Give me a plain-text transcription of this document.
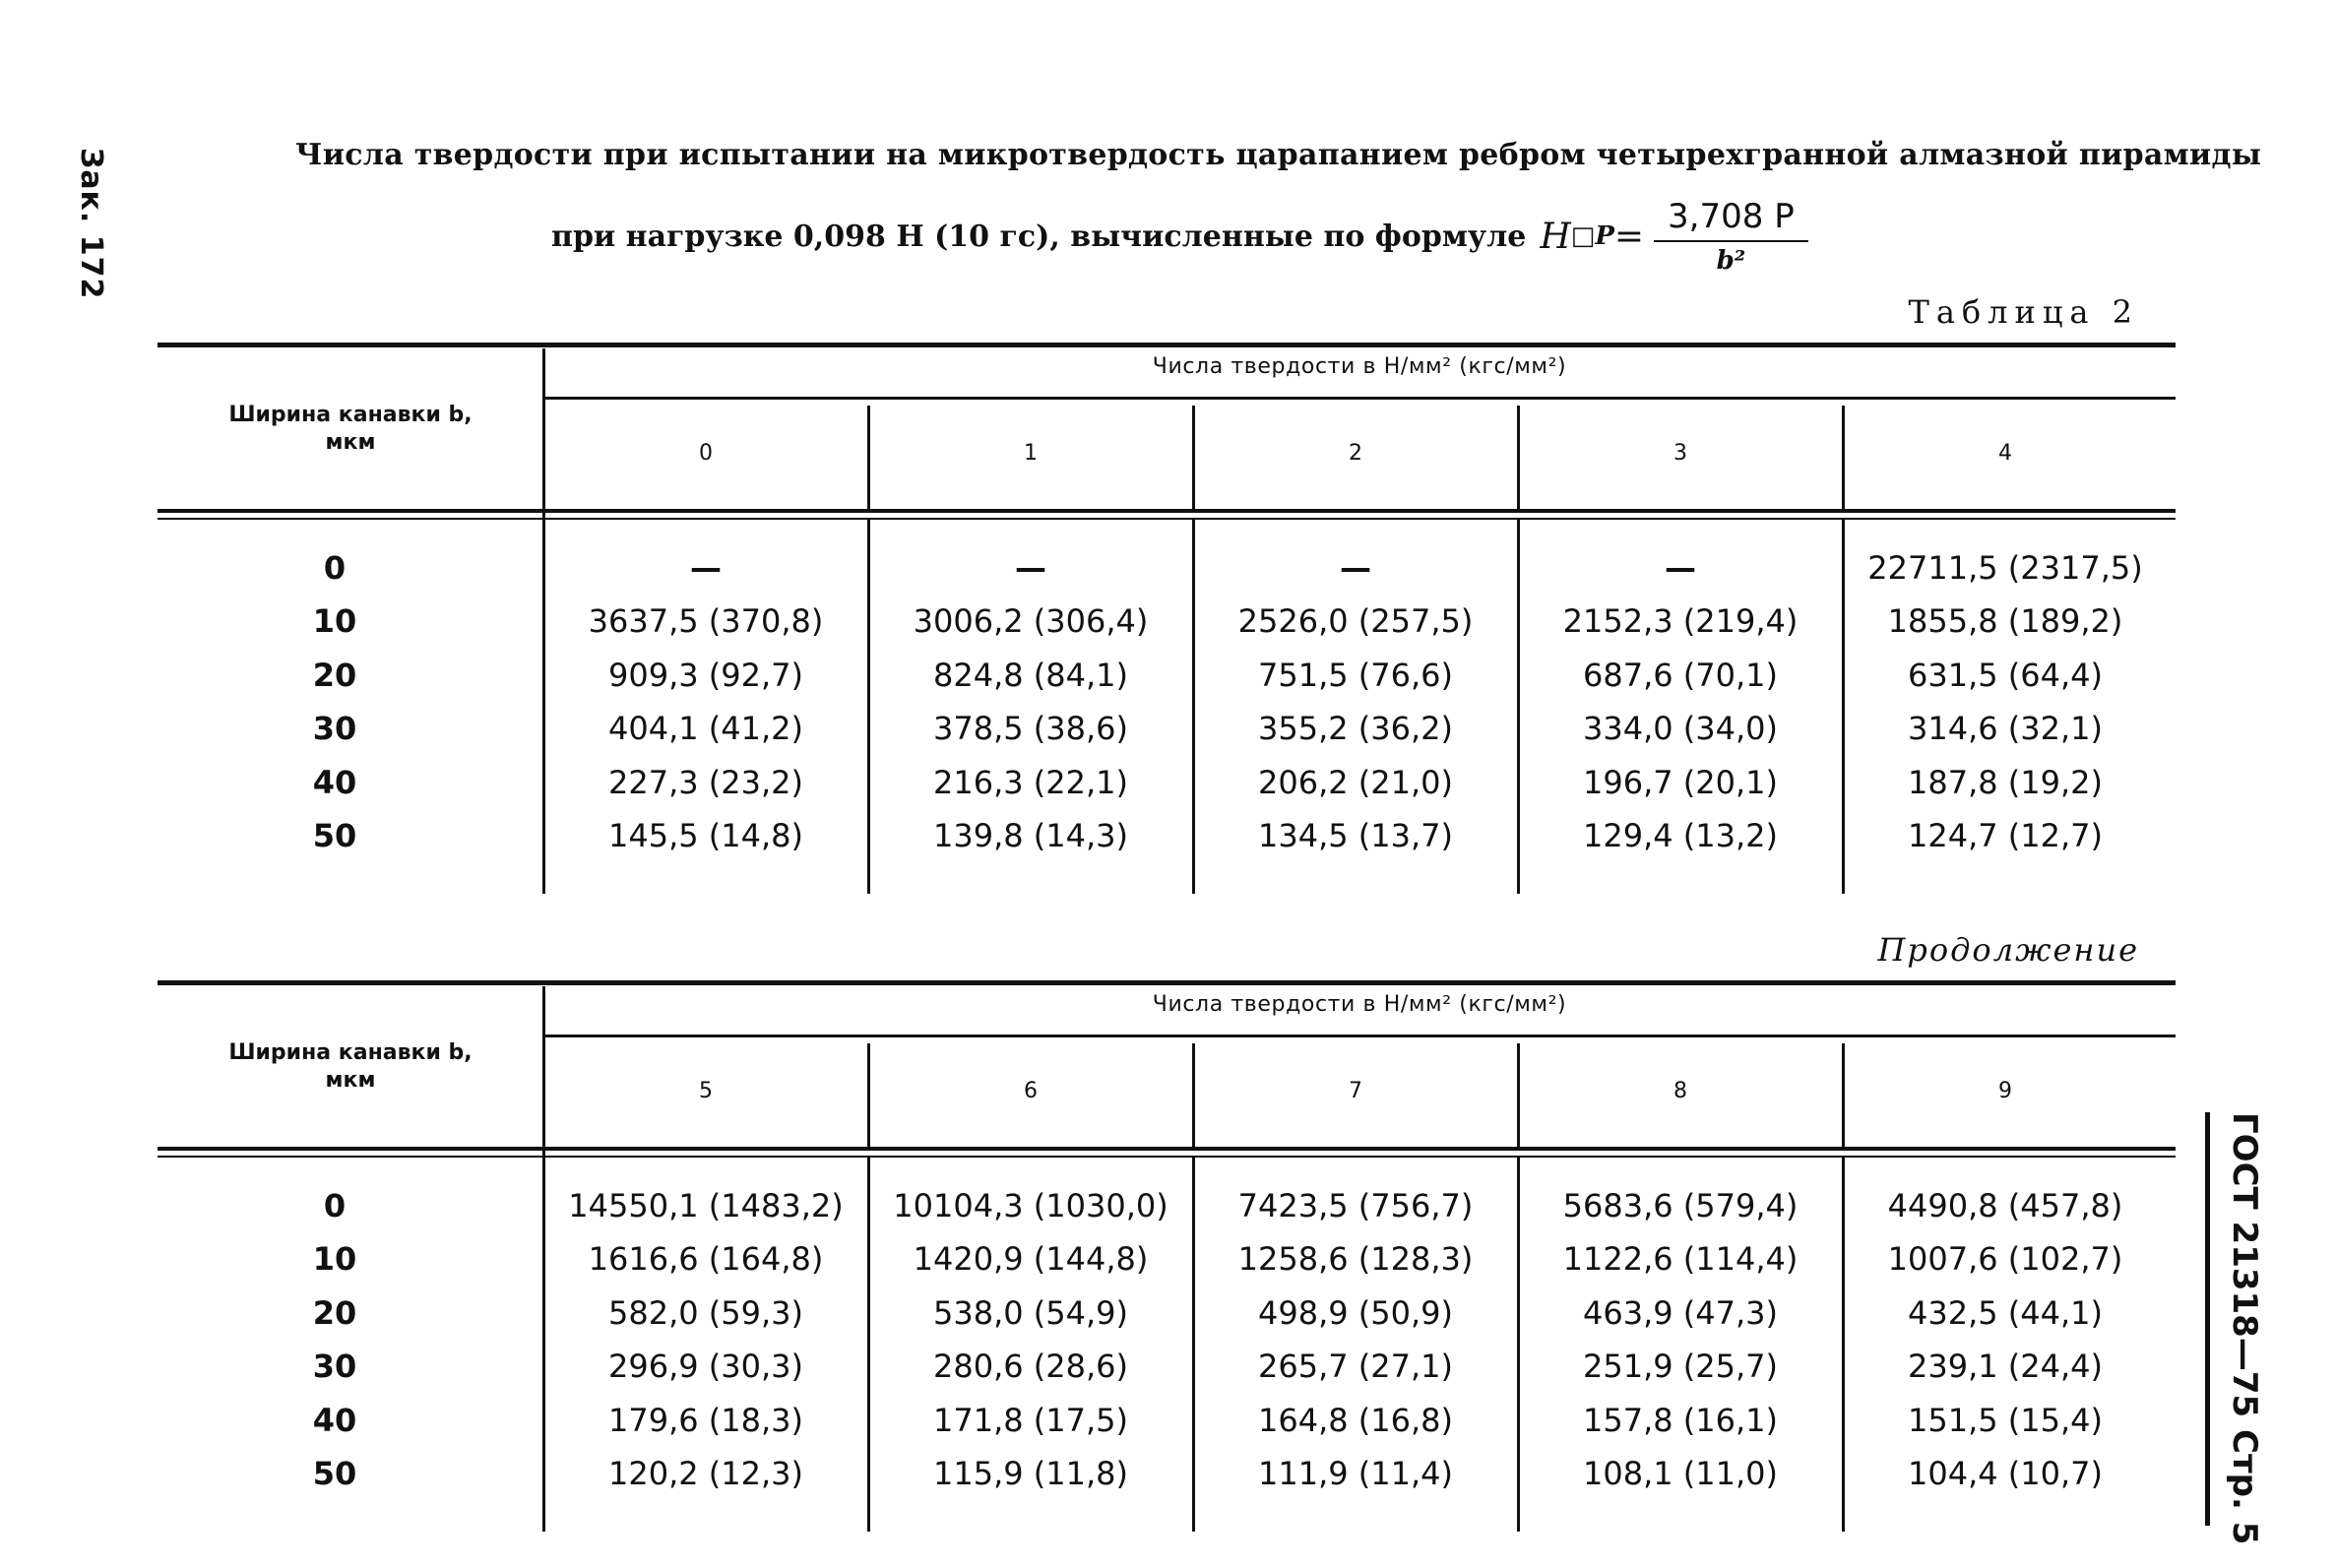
Зак. 172
ГОСТ 21318—75 Стр. 5
Числа твердости при испытании на микротвердость царапанием ребром четырехгранной алмазной пирамиды
при нагрузке 0,098 Н (10 гс), вычисленные по формуле H □P = $\frac{3,708 P}{\text{b²}}$
Таблица 2
Ширина канавки b,
мкм
Числа твердости в Н/мм² (кгс/мм²)
0	1	2	3	4
0	—	—	—	—	22711,5 (2317,5)
10	3637,5 (370,8)	3006,2 (306,4)	2526,0 (257,5)	2152,3 (219,4)	1855,8 (189,2)
20	909,3 (92,7)	824,8 (84,1)	751,5 (76,6)	687,6 (70,1)	631,5 (64,4)
30	404,1 (41,2)	378,5 (38,6)	355,2 (36,2)	334,0 (34,0)	314,6 (32,1)
40	227,3 (23,2)	216,3 (22,1)	206,2 (21,0)	196,7 (20,1)	187,8 (19,2)
50	145,5 (14,8)	139,8 (14,3)	134,5 (13,7)	129,4 (13,2)	124,7 (12,7)
Продолжение
Ширина канавки b,
мкм
Числа твердости в Н/мм² (кгс/мм²)
5	6	7	8	9
0	14550,1 (1483,2)	10104,3 (1030,0)	7423,5 (756,7)	5683,6 (579,4)	4490,8 (457,8)
10	1616,6 (164,8)	1420,9 (144,8)	1258,6 (128,3)	1122,6 (114,4)	1007,6 (102,7)
20	582,0 (59,3)	538,0 (54,9)	498,9 (50,9)	463,9 (47,3)	432,5 (44,1)
30	296,9 (30,3)	280,6 (28,6)	265,7 (27,1)	251,9 (25,7)	239,1 (24,4)
40	179,6 (18,3)	171,8 (17,5)	164,8 (16,8)	157,8 (16,1)	151,5 (15,4)
50	120,2 (12,3)	115,9 (11,8)	111,9 (11,4)	108,1 (11,0)	104,4 (10,7)
